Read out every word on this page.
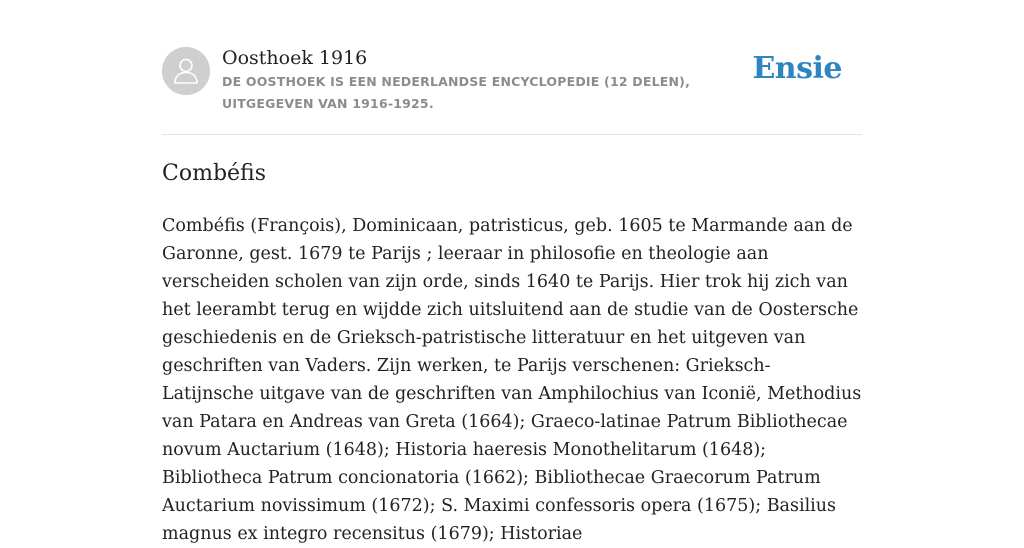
Oosthoek 1916
DE OOSTHOEK IS EEN NEDERLANDSE ENCYCLOPEDIE (12 DELEN), UITGEGEVEN VAN 1916-1925.
Ensie
Combéfis

Combéfis (François), Dominicaan, patristicus, geb. 1605 te Marmande aan de Garonne, gest. 1679 te Parijs ; leeraar in philosofie en theologie aan verscheiden scholen van zijn orde, sinds 1640 te Parijs. Hier trok hij zich van het leerambt terug en wijdde zich uitsluitend aan de studie van de Oostersche geschiedenis en de Grieksch-patristische litteratuur en het uitgeven van geschriften van Vaders. Zijn werken, te Parijs verschenen: Grieksch-Latijnsche uitgave van de geschriften van Amphilochius van Iconië, Methodius van Patara en Andreas van Greta (1664); Graeco-latinae Patrum Bibliothecae novum Auctarium (1648); Historia haeresis Monothelitarum (1648); Bibliotheca Patrum concionatoria (1662); Bibliothecae Graecorum Patrum Auctarium novissimum (1672); S. Maximi confessoris opera (1675); Basilius magnus ex integro recensitus (1679); Historiae
